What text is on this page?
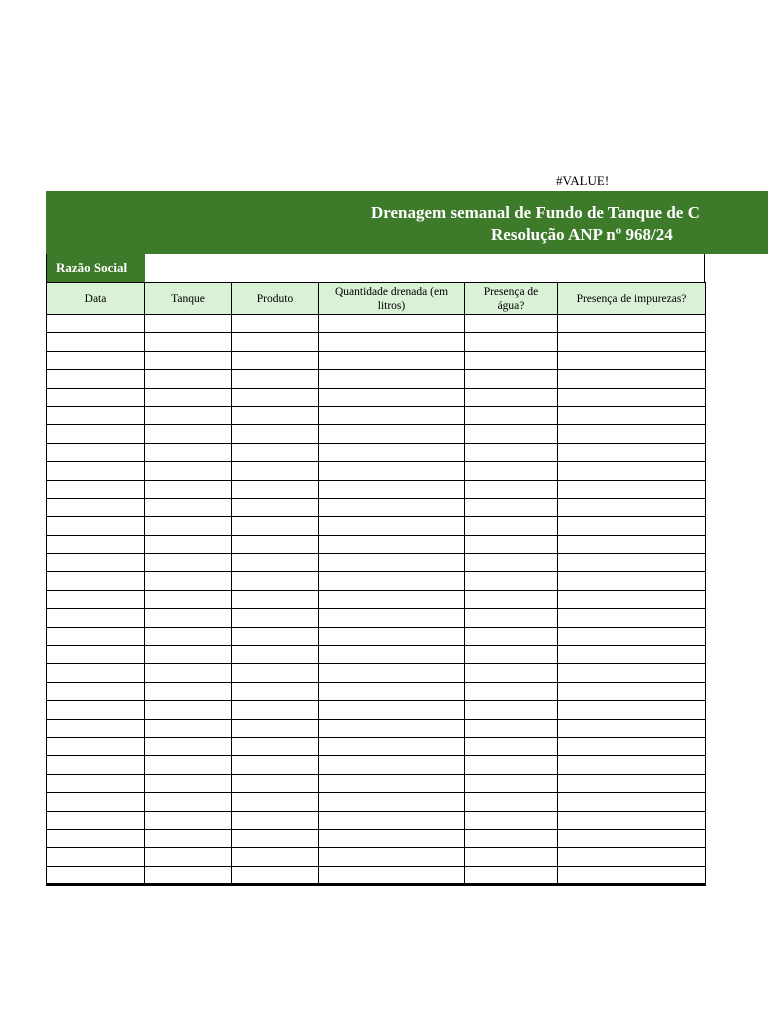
#VALUE!
Drenagem semanal de Fundo de Tanque de C
Resolução ANP nº 968/24
Razão Social
Data	Tanque	Produto	Quantidade drenada (em litros)	Presença de água?	Presença de impurezas?
